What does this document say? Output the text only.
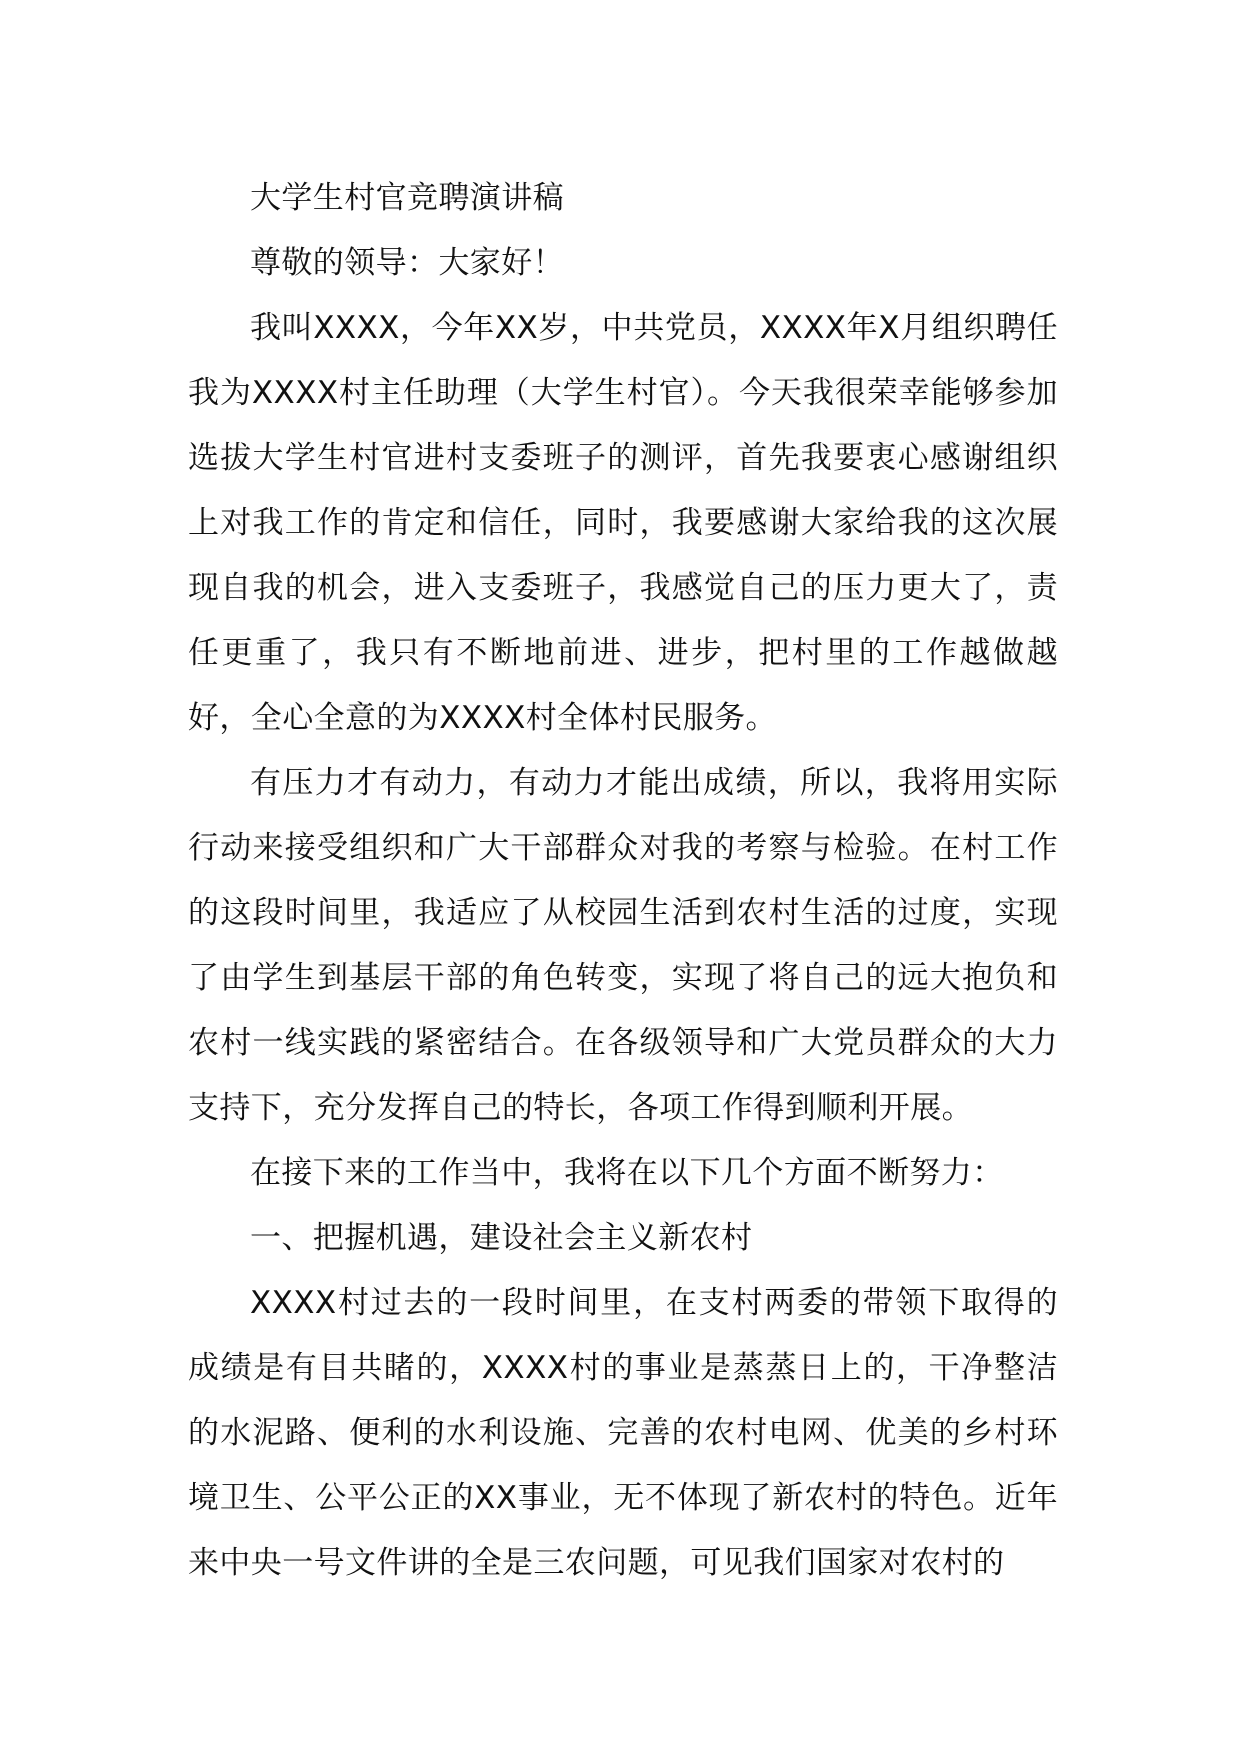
大学生村官竞聘演讲稿

尊敬的领导：大家好！

我叫XXXX，今年XX岁，中共党员，XXXX年X月组织聘任我为XXXX村主任助理（大学生村官）。今天我很荣幸能够参加选拔大学生村官进村支委班子的测评，首先我要衷心感谢组织上对我工作的肯定和信任，同时，我要感谢大家给我的这次展现自我的机会，进入支委班子，我感觉自己的压力更大了，责任更重了，我只有不断地前进、进步，把村里的工作越做越好，全心全意的为XXXX村全体村民服务。

有压力才有动力，有动力才能出成绩，所以，我将用实际行动来接受组织和广大干部群众对我的考察与检验。在村工作的这段时间里，我适应了从校园生活到农村生活的过度，实现了由学生到基层干部的角色转变，实现了将自己的远大抱负和农村一线实践的紧密结合。在各级领导和广大党员群众的大力支持下，充分发挥自己的特长，各项工作得到顺利开展。

在接下来的工作当中，我将在以下几个方面不断努力：

一、把握机遇，建设社会主义新农村

XXXX村过去的一段时间里，在支村两委的带领下取得的成绩是有目共睹的，XXXX村的事业是蒸蒸日上的，干净整洁的水泥路、便利的水利设施、完善的农村电网、优美的乡村环境卫生、公平公正的XX事业，无不体现了新农村的特色。近年来中央一号文件讲的全是三农问题，可见我们国家对农村的
